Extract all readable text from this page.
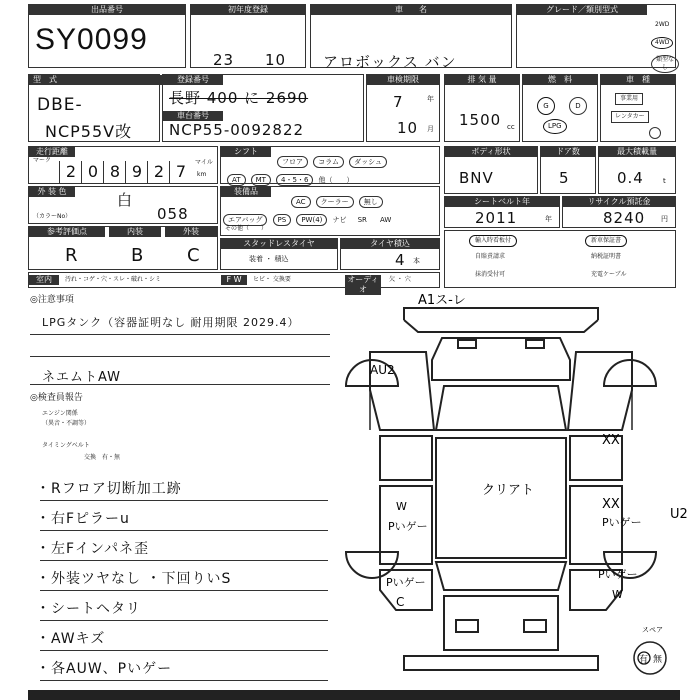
出品番号
SY0099
初年度登録
23 10
車　　名
アロボックス バン
グレード／類別型式
2WD
4WD
類型なし
型　式
DBE-
NCP55V改
登録番号
長野 400 に 2690
車台番号
NCP55-0092822
車検期限
7	年
10 月
排 気 量
1500 cc
燃　料
G	D
LPG
車　種
事業用
レンタカー
走行距離
マーク
2 0 8 9 2 7	マイル
km
シフト
フロア コラム ダッシュ
AT MT 4・5・6 他（　　）
ボディ形状
BNV
ドア数
5
最大積載量
0.4	t
外 装 色	白
（カラーNo）	058
装備品
AC クーラー 無し
エアバッグ PS PW(4) ナビ SR AW
その他（　　）
シートベルト年
2011	年
リサイクル預託金
8240 円
参考評価点	内装	外装
R	B C
スタッドレスタイヤ
装着 ・ 積込
タイヤ積込
4 本
輸入時看板付	新車保証書
自賠責請求	納税証明書
抹消受付可	充電ケーブル
室内	汚れ・コゲ・穴・スレ・破れ・シミ	F W	ヒビ・ 交換要	オーディオ
欠 ・ 穴
◎注意事項
LPGタンク（容器証明なし 耐用期限 2029.4）
ネエムトAW
◎検査員報告
エンジン関係
（異音・不調等）
タイミングベルト
交換　有・無
・Rフロア切断加工跡
・右Fピラーu
・左Fインパネ歪
・外装ツヤなし ・下回りいS
・シートヘタリ
・AWキズ
・各AUW、Pいゲー
A1ス-レ
AU2
XX
クリアト
W
Pいゲー
XX
Pいゲー
U2
Pいゲー
C
Pいゲー
W
スペア
有 無
